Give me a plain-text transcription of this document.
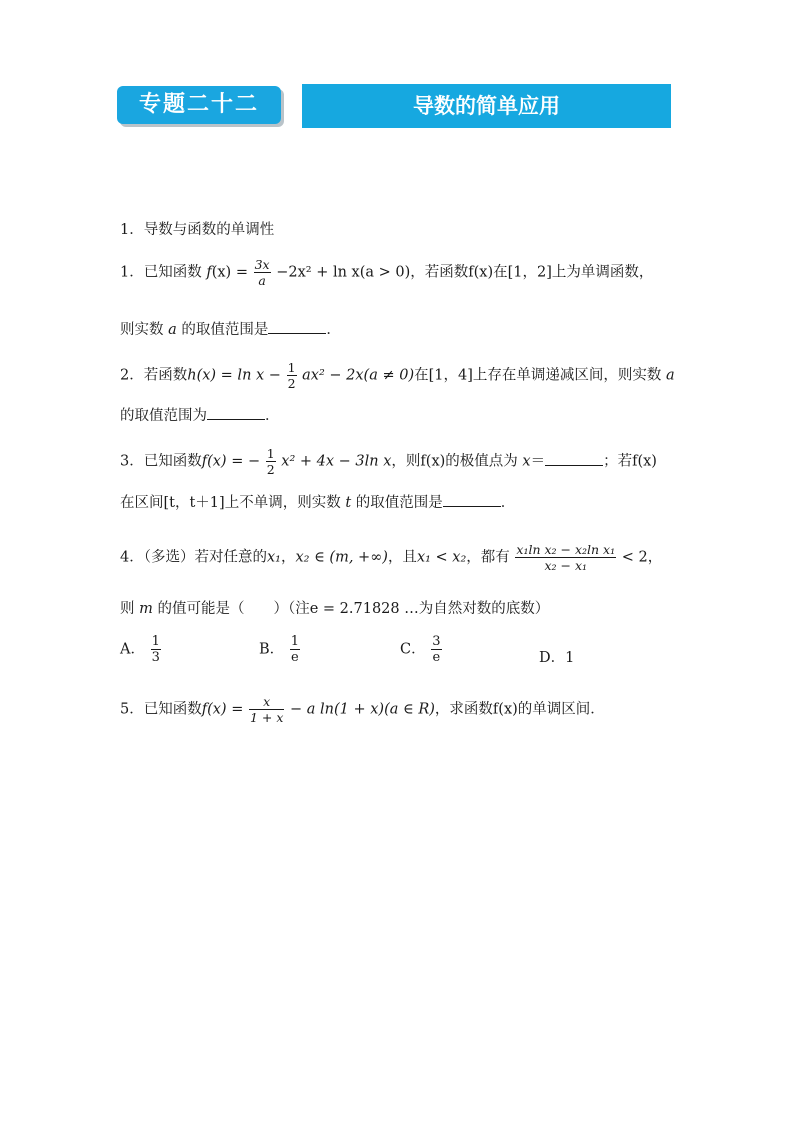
专题二十二	导数的简单应用
1．导数与函数的单调性
1．已知函数 $f(x) = \frac{3x}{a} -2x^2 + \ln x(a > 0)$，若函数f(x)在[1，2]上为单调函数，
则实数 a 的取值范围是	．
2．若函数$h(x) = \ln x - \frac{1}{2} ax^2 - 2x(a \ne 0)$在[1，4]上存在单调递减区间，则实数 a
的取值范围为	．
3．已知函数f(x) = − $\frac{1}{2} x^2 + 4x - 3\ln$ x，则f(x)的极值点为 x＝	；若f(x)
在区间[t，t＋1]上不单调，则实数 t 的取值范围是	．
4．（多选）若对任意的x₁，x₂ ∈ (m, +∞)，且x₁ < x₂，都有 $\frac{\text{x₁ln x₂ − x₂ln x₁}}{\text{x₂ − x₁}} < 2$，
则 m 的值可能是（　　）（注e = 2.71828 …为自然对数的底数）
A． $\frac{1}{3}$	B． $\frac{1}{e}$	C． $\frac{3}{e}$	D．1
5．已知函数$f(x) = \frac{x}{1 + x} - a$ ln(1 + x)(a ∈ R)，求函数f(x)的单调区间．
